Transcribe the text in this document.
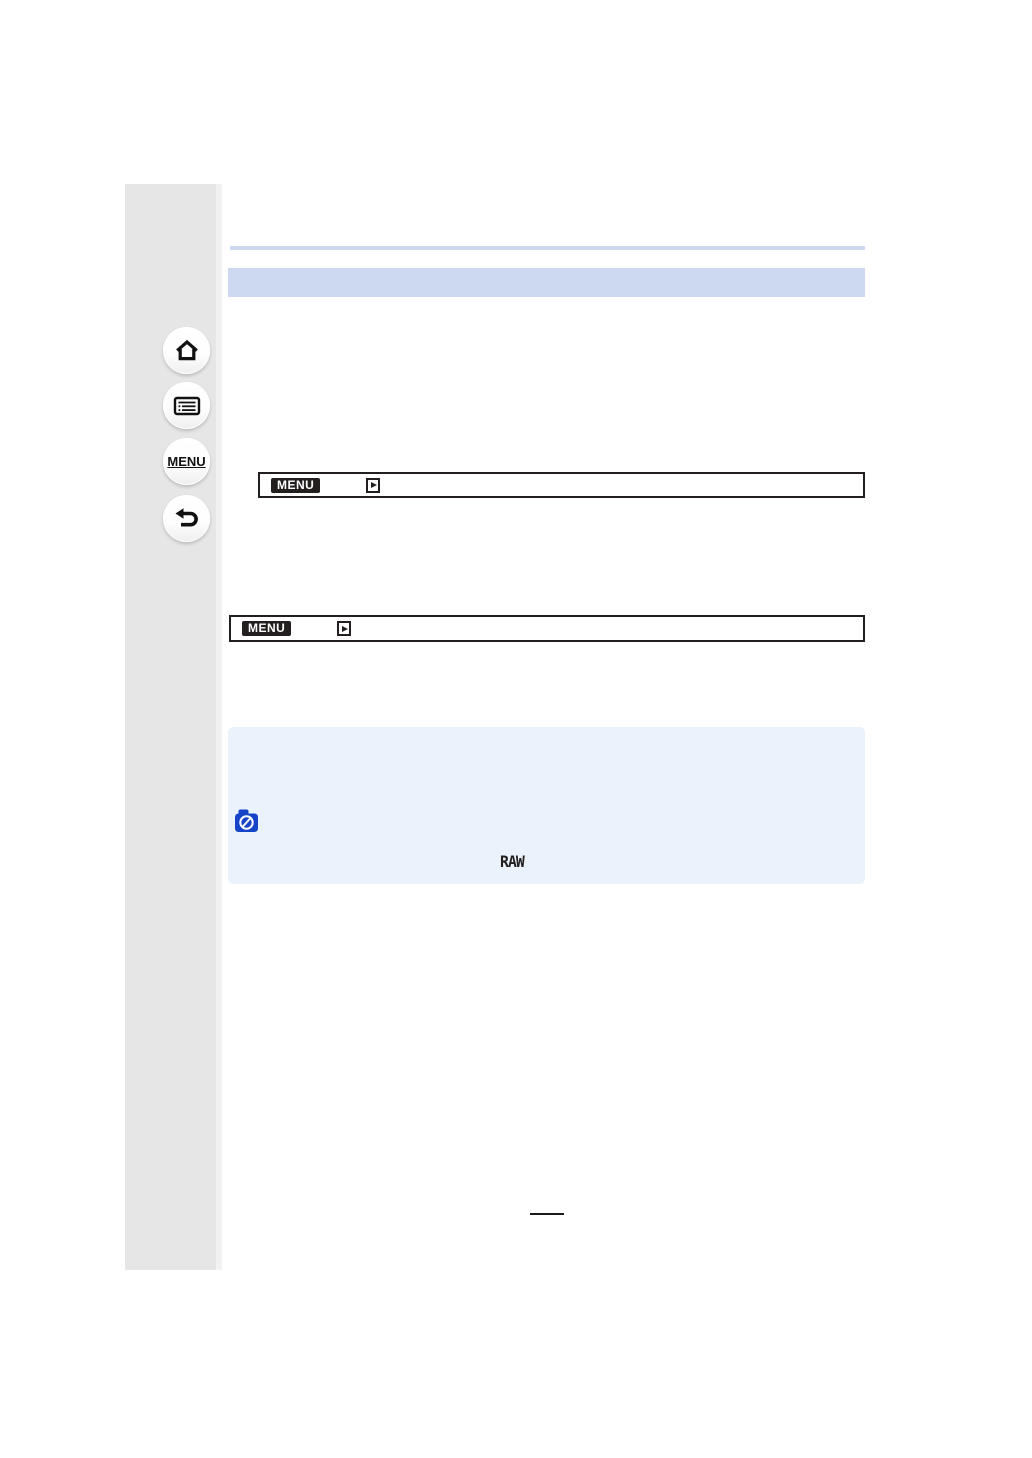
MENU
MENU
MENU
RAW
